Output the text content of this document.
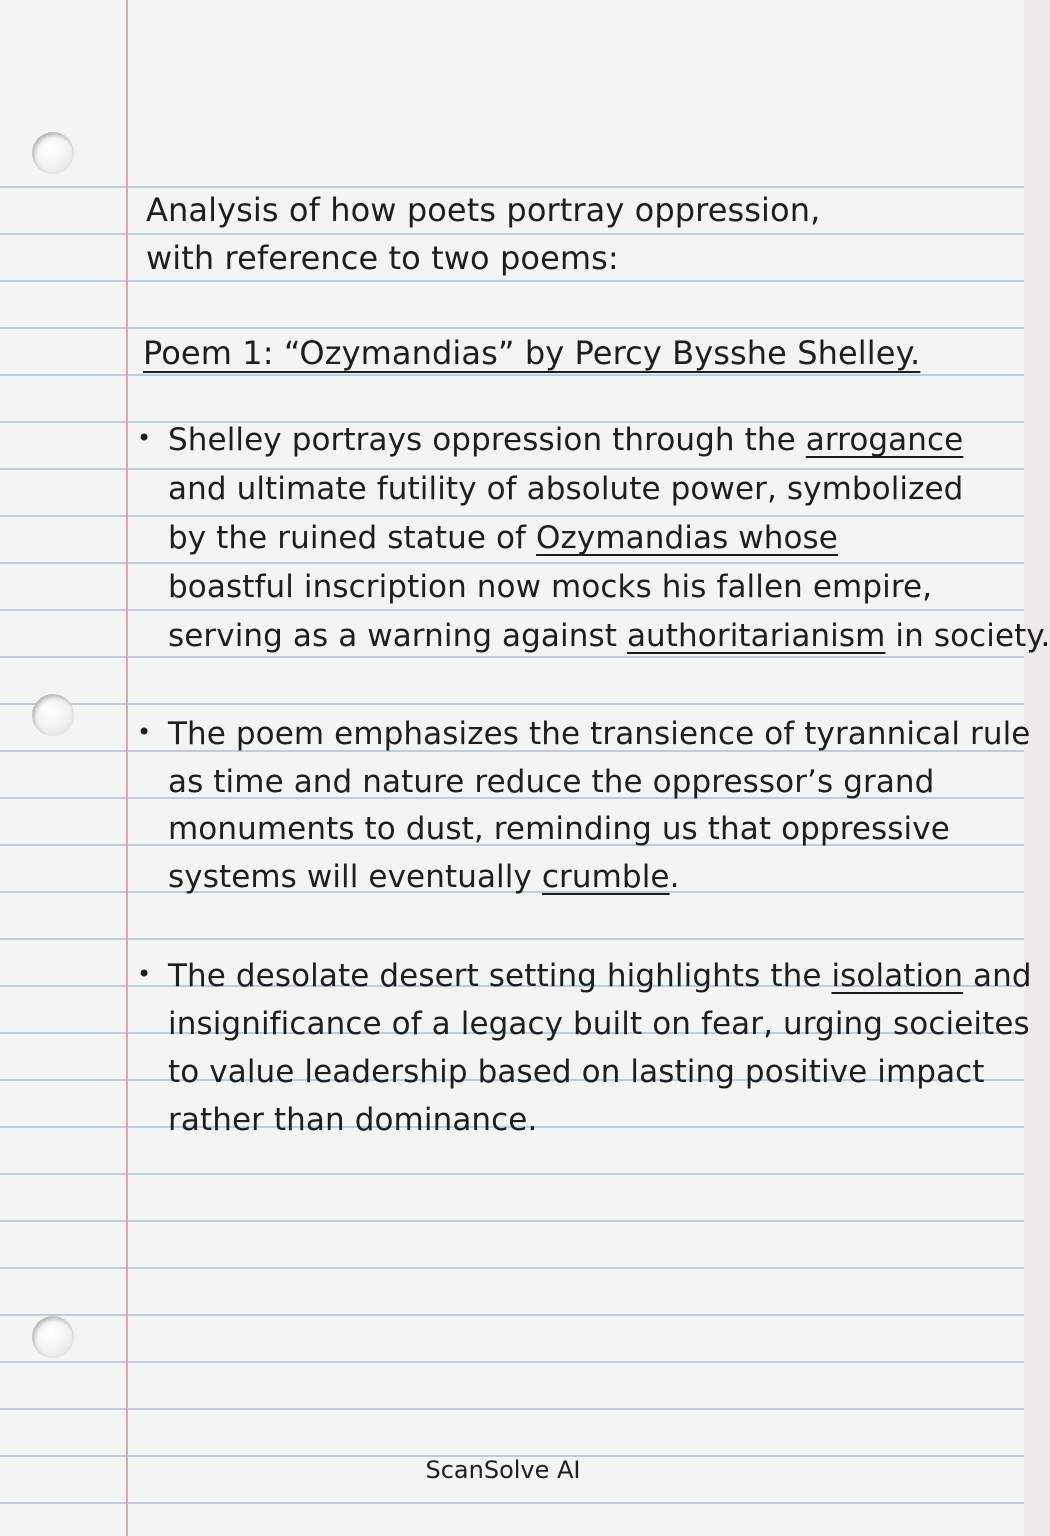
Analysis of how poets portray oppression,
with reference to two poems:
Poem 1: “Ozymandias” by Percy Bysshe Shelley.
• Shelley portrays oppression through the arrogance
and ultimate futility of absolute power, symbolized
by the ruined statue of Ozymandias whose
boastful inscription now mocks his fallen empire,
serving as a warning against authoritarianism in society.
• The poem emphasizes the transience of tyrannical rule
as time and nature reduce the oppressor’s grand
monuments to dust, reminding us that oppressive
systems will eventually crumble.
• The desolate desert setting highlights the isolation and
insignificance of a legacy built on fear, urging socieites
to value leadership based on lasting positive impact
rather than dominance.
ScanSolve AI
